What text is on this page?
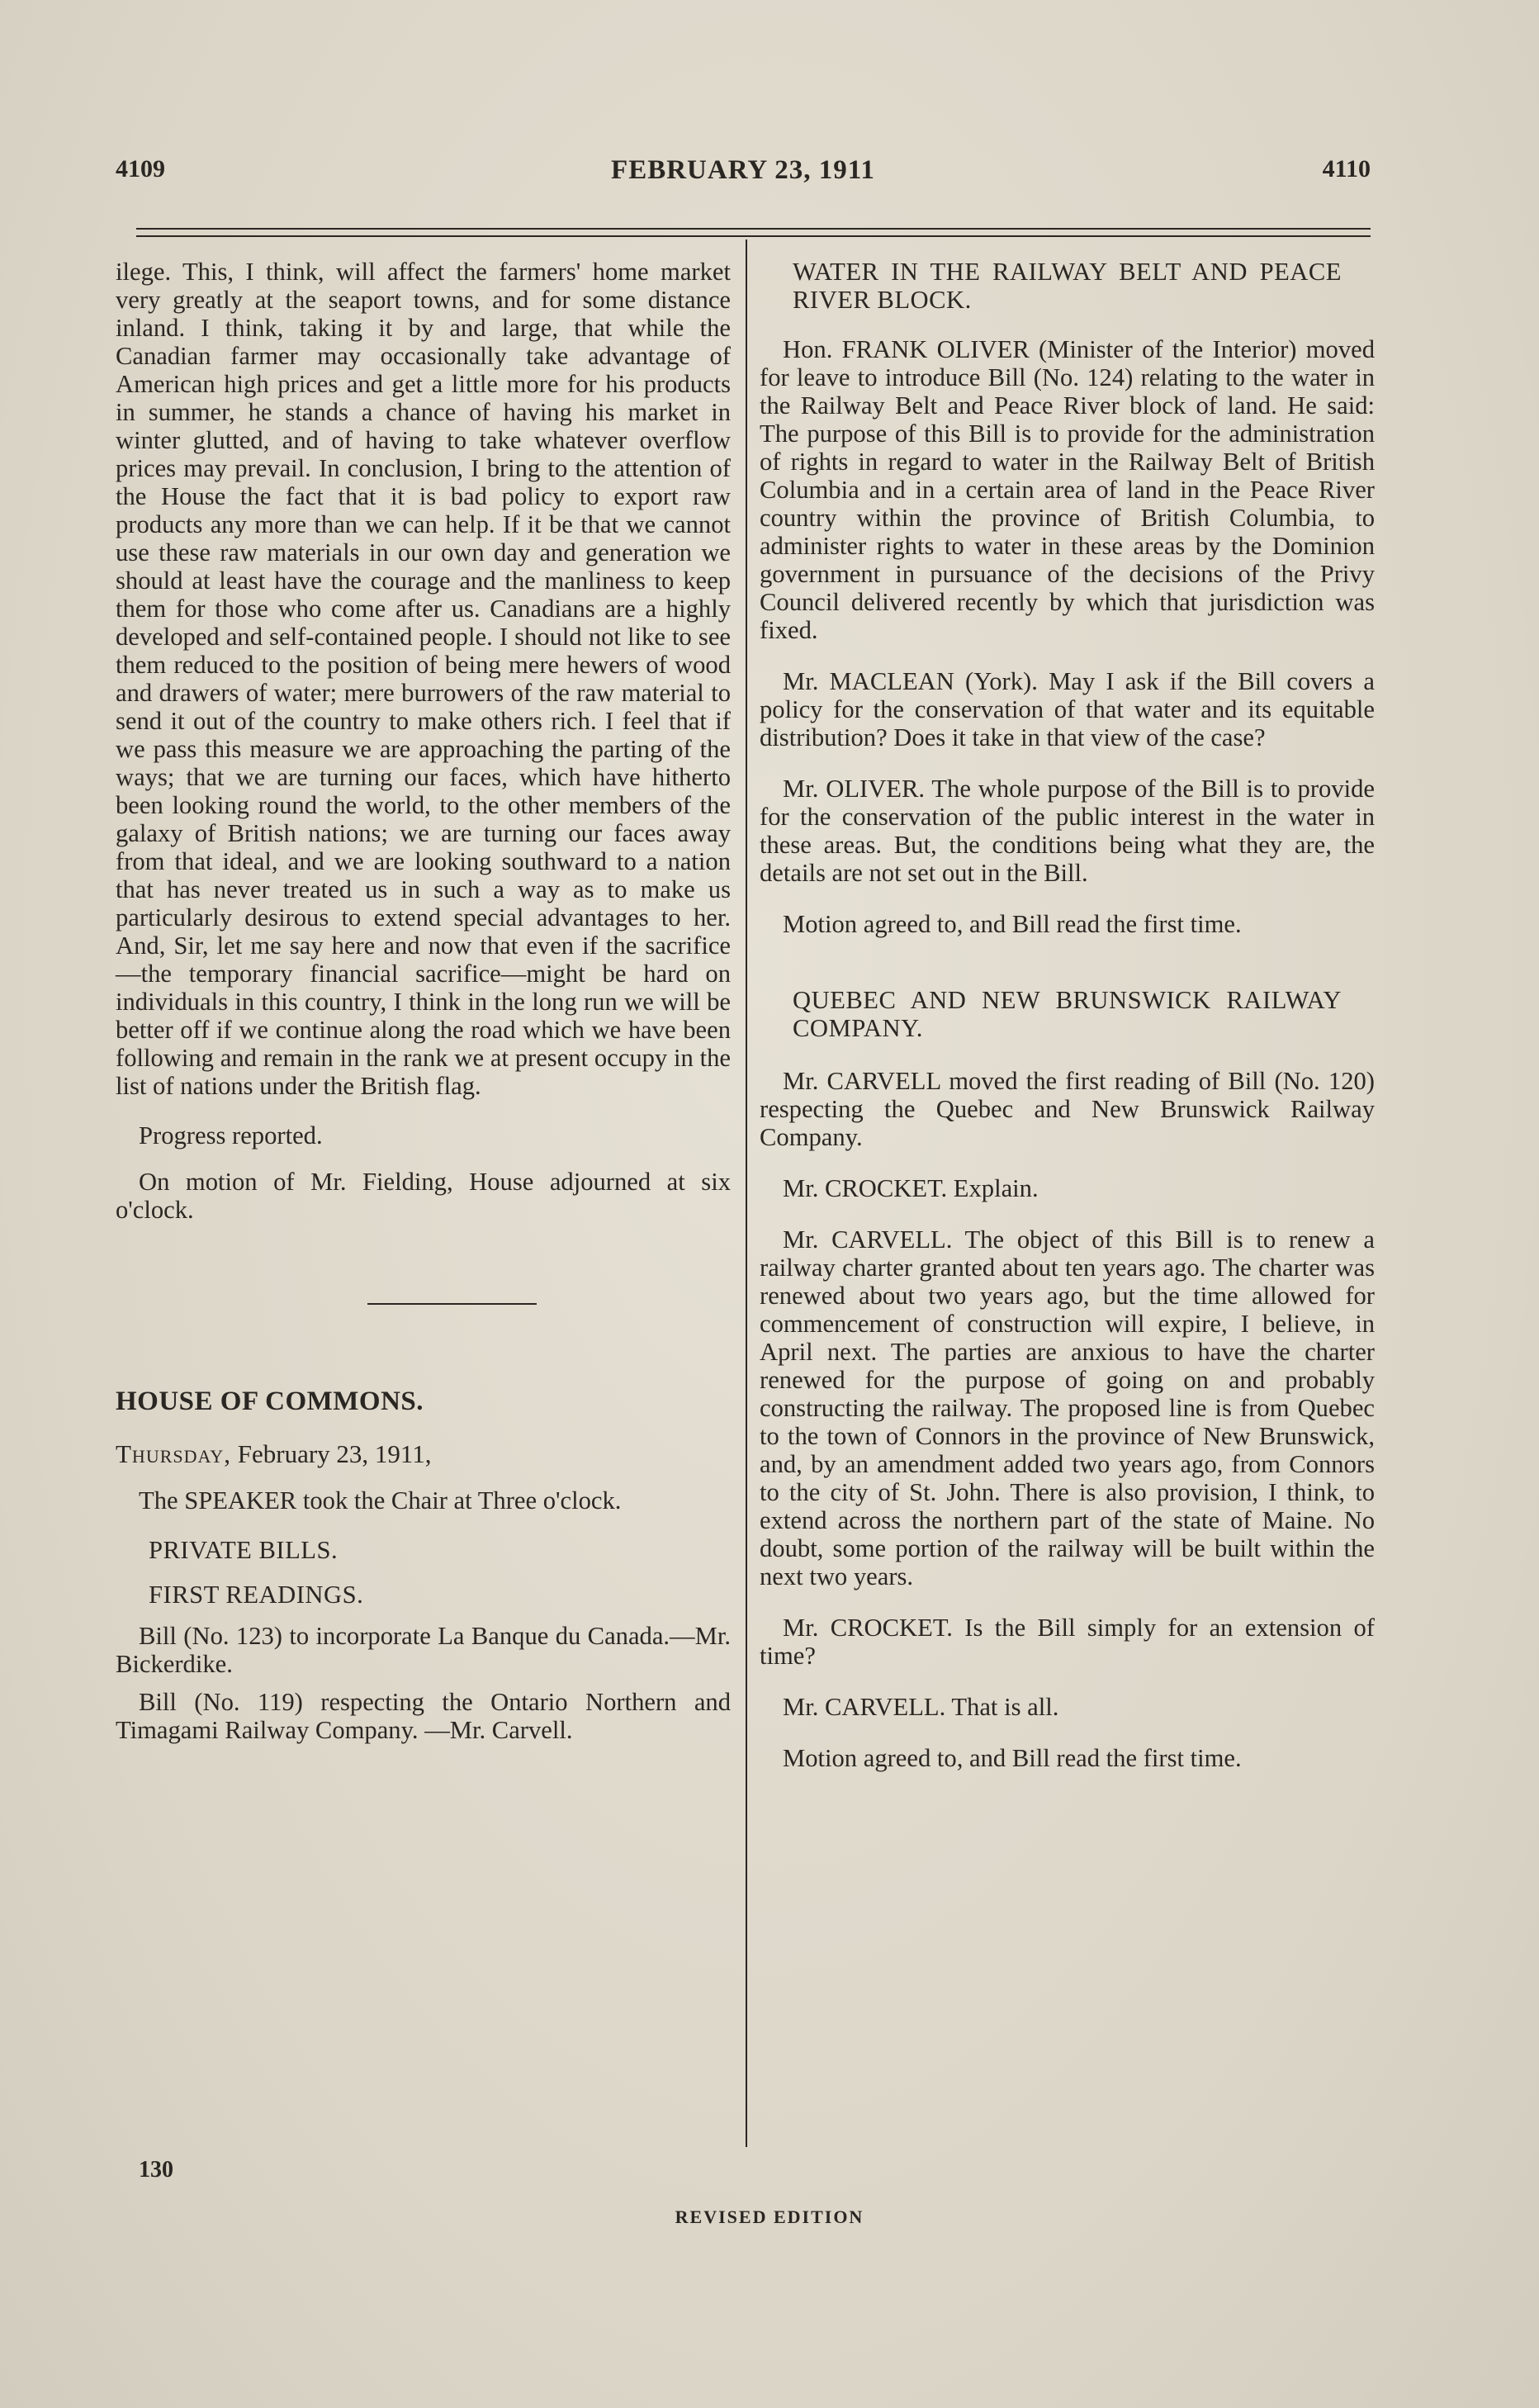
4109	FEBRUARY 23, 1911	4110

ilege. This, I think, will affect the farmers' home market very greatly at the seaport towns, and for some distance inland. I think, taking it by and large, that while the Canadian farmer may occasionally take advantage of American high prices and get a little more for his products in summer, he stands a chance of having his market in winter glutted, and of having to take whatever overflow prices may prevail. In conclusion, I bring to the attention of the House the fact that it is bad policy to export raw products any more than we can help. If it be that we cannot use these raw materials in our own day and generation we should at least have the courage and the manliness to keep them for those who come after us. Canadians are a highly developed and self-contained people. I should not like to see them reduced to the position of being mere hewers of wood and drawers of water; mere burrowers of the raw material to send it out of the country to make others rich. I feel that if we pass this measure we are approaching the parting of the ways; that we are turning our faces, which have hitherto been looking round the world, to the other members of the galaxy of British nations; we are turning our faces away from that ideal, and we are looking southward to a nation that has never treated us in such a way as to make us particularly desirous to extend special advantages to her. And, Sir, let me say here and now that even if the sacrifice—the temporary financial sacrifice—might be hard on individuals in this country, I think in the long run we will be better off if we continue along the road which we have been following and remain in the rank we at present occupy in the list of nations under the British flag.

Progress reported.

On motion of Mr. Fielding, House adjourned at six o'clock.

HOUSE OF COMMONS.

Thursday, February 23, 1911,

The SPEAKER took the Chair at Three o'clock.

PRIVATE BILLS.

FIRST READINGS.

Bill (No. 123) to incorporate La Banque du Canada.—Mr. Bickerdike.

Bill (No. 119) respecting the Ontario Northern and Timagami Railway Company. —Mr. Carvell.

WATER IN THE RAILWAY BELT AND PEACE RIVER BLOCK.

Hon. FRANK OLIVER (Minister of the Interior) moved for leave to introduce Bill (No. 124) relating to the water in the Railway Belt and Peace River block of land. He said: The purpose of this Bill is to provide for the administration of rights in regard to water in the Railway Belt of British Columbia and in a certain area of land in the Peace River country within the province of British Columbia, to administer rights to water in these areas by the Dominion government in pursuance of the decisions of the Privy Council delivered recently by which that jurisdiction was fixed.

Mr. MACLEAN (York). May I ask if the Bill covers a policy for the conservation of that water and its equitable distribution? Does it take in that view of the case?

Mr. OLIVER. The whole purpose of the Bill is to provide for the conservation of the public interest in the water in these areas. But, the conditions being what they are, the details are not set out in the Bill.

Motion agreed to, and Bill read the first time.

QUEBEC AND NEW BRUNSWICK RAILWAY COMPANY.

Mr. CARVELL moved the first reading of Bill (No. 120) respecting the Quebec and New Brunswick Railway Company.

Mr. CROCKET. Explain.

Mr. CARVELL. The object of this Bill is to renew a railway charter granted about ten years ago. The charter was renewed about two years ago, but the time allowed for commencement of construction will expire, I believe, in April next. The parties are anxious to have the charter renewed for the purpose of going on and probably constructing the railway. The proposed line is from Quebec to the town of Connors in the province of New Brunswick, and, by an amendment added two years ago, from Connors to the city of St. John. There is also provision, I think, to extend across the northern part of the state of Maine. No doubt, some portion of the railway will be built within the next two years.

Mr. CROCKET. Is the Bill simply for an extension of time?

Mr. CARVELL. That is all.

Motion agreed to, and Bill read the first time.

130
REVISED EDITION
